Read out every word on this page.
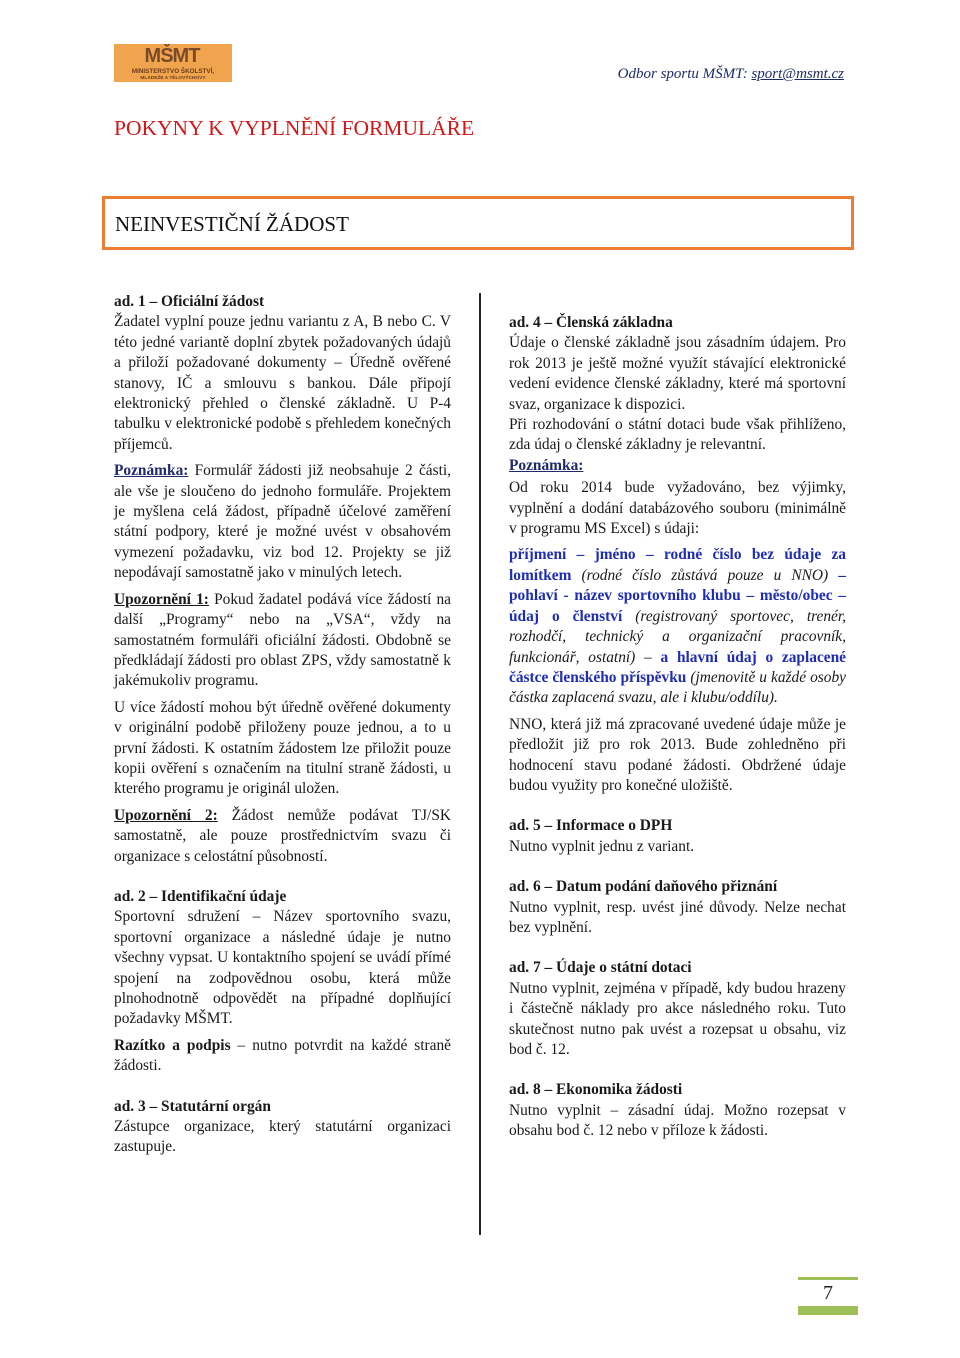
MŠMT
MINISTERSTVO ŠKOLSTVÍ,
MLÁDEŽE A TĚLOVÝCHOVY	Odbor sportu MŠMT: sport@msmt.cz
POKYNY K VYPLNĚNÍ FORMULÁŘE
NEINVESTIČNÍ ŽÁDOST
ad. 1 – Oficiální žádost

Žadatel vyplní pouze jednu variantu z A, B nebo C. V této jedné variantě doplní zbytek požadovaných údajů a přiloží požadované dokumenty – Úředně ověřené stanovy, IČ a smlouvu s bankou. Dále připojí elektronický přehled o členské základně. U P-4 tabulku v elektronické podobě s přehledem konečných příjemců.

Poznámka: Formulář žádosti již neobsahuje 2 části, ale vše je sloučeno do jednoho formuláře. Projektem je myšlena celá žádost, případně účelové zaměření státní podpory, které je možné uvést v obsahovém vymezení požadavku, viz bod 12. Projekty se již nepodávají samostatně jako v minulých letech.

Upozornění 1: Pokud žadatel podává více žádostí na další „Programy“ nebo na „VSA“, vždy na samostatném formuláři oficiální žádosti. Obdobně se předkládají žádosti pro oblast ZPS, vždy samostatně k jakémukoliv programu.

U více žádostí mohou být úředně ověřené dokumenty v originální podobě přiloženy pouze jednou, a to u první žádosti. K ostatním žádostem lze přiložit pouze kopii ověření s označením na titulní straně žádosti, u kterého programu je originál uložen.

Upozornění 2: Žádost nemůže podávat TJ/SK samostatně, ale pouze prostřednictvím svazu či organizace s celostátní působností.

ad. 2 – Identifikační údaje

Sportovní sdružení – Název sportovního svazu, sportovní organizace a následné údaje je nutno všechny vypsat. U kontaktního spojení se uvádí přímé spojení na zodpovědnou osobu, která může plnohodnotně odpovědět na případné doplňující požadavky MŠMT.

Razítko a podpis – nutno potvrdit na každé straně žádosti.

ad. 3 – Statutární orgán

Zástupce organizace, který statutární organizaci zastupuje.

ad. 4 – Členská základna

Údaje o členské základně jsou zásadním údajem. Pro rok 2013 je ještě možné využít stávající elektronické vedení evidence členské základny, které má sportovní svaz, organizace k dispozici.

Při rozhodování o státní dotaci bude však přihlíženo, zda údaj o členské základny je relevantní.

Poznámka:

Od roku 2014 bude vyžadováno, bez výjimky, vyplnění a dodání databázového souboru (minimálně v programu MS Excel) s údaji:

příjmení – jméno – rodné číslo bez údaje za lomítkem (rodné číslo zůstává pouze u NNO) – pohlaví - název sportovního klubu – město/obec – údaj o členství (registrovaný sportovec, trenér, rozhodčí, technický a organizační pracovník, funkcionář, ostatní) – a hlavní údaj o zaplacené částce členského příspěvku (jmenovitě u každé osoby částka zaplacená svazu, ale i klubu/oddílu).

NNO, která již má zpracované uvedené údaje může je předložit již pro rok 2013. Bude zohledněno při hodnocení stavu podané žádosti. Obdržené údaje budou využity pro konečné uložiště.

ad. 5 – Informace o DPH

Nutno vyplnit jednu z variant.

ad. 6 – Datum podání daňového přiznání

Nutno vyplnit, resp. uvést jiné důvody. Nelze nechat bez vyplnění.

ad. 7 – Údaje o státní dotaci

Nutno vyplnit, zejména v případě, kdy budou hrazeny i částečně náklady pro akce následného roku. Tuto skutečnost nutno pak uvést a rozepsat u obsahu, viz bod č. 12.

ad. 8 – Ekonomika žádosti

Nutno vyplnit – zásadní údaj. Možno rozepsat v obsahu bod č. 12 nebo v příloze k žádosti.

7
